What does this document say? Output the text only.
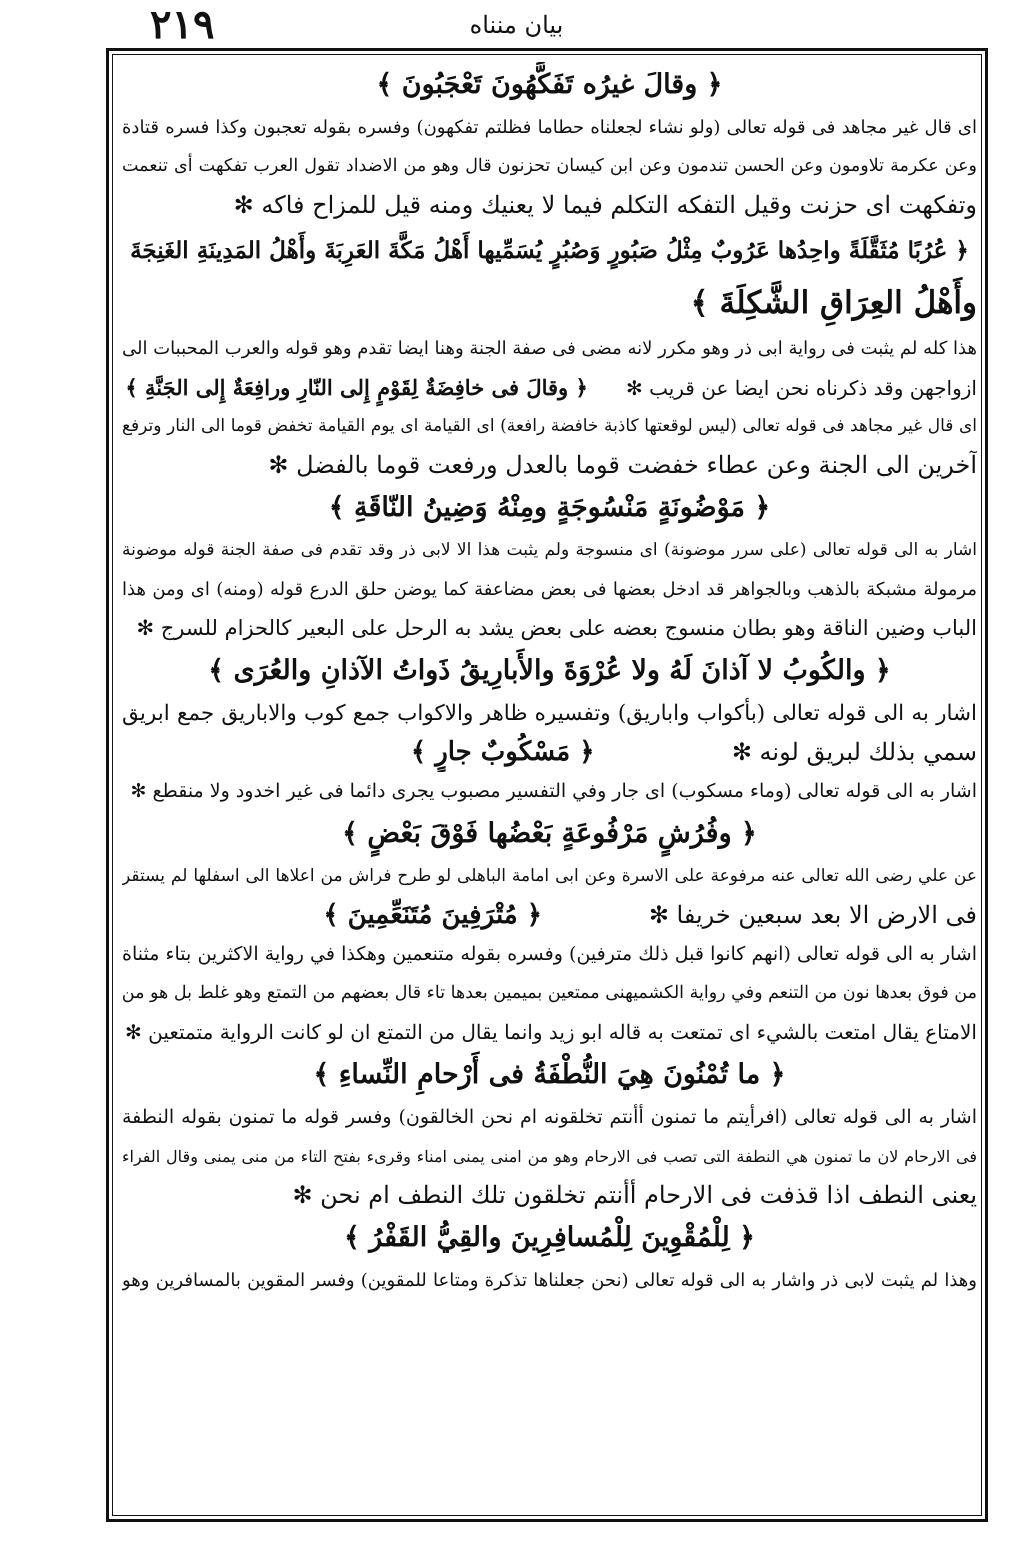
۲۱۹	بیان منناه
﴿ وقالَ غيرُه تَفَكَّهُونَ تَعْجَبُونَ ﴾
اى قال غیر مجاھد فی قوله تعالى (ولو نشاء لجعلناه حطاما فظلتم تفكهون) وفسره بقوله تعجبون وكذا فسره قتادة
وعن عكرمة تلاومون وعن الحسن تندمون وعن ابن كيسان تحزنون قال وهو من الاضداد تقول العرب تفكهت أى تنعمت
وتفكهت اى حزنت وقيل التفكه التكلم فيما لا يعنيك ومنه قيل للمزاح فاكه ✻
﴿ عُرُبًا مُثَقَّلَةً واحِدُها عَرُوبٌ مِثْلُ صَبُورٍ وَصُبُرٍ يُسَمِّيها أَهْلُ مَكَّةَ العَرِبَةَ وأَهْلُ المَدِينَةِ الغَنِجَةَ
وأَهْلُ العِرَاقِ الشَّكِلَةَ ﴾
هذا كله لم يثبت فى رواية ابى ذر وهو مكرر لانه مضى فى صفة الجنة وهنا ايضا تقدم وهو قوله والعرب المحببات الى
ازواجهن وقد ذكرناه نحن ايضا عن قريب ✻      ﴿ وقالَ فى خافِضَةٌ لِقَوْمٍ إِلى النّارِ ورافِعَةٌ إِلى الجَنَّةِ ﴾
اى قال غیر مجاھد فی قوله تعالى (ليس لوقعتها كاذبة خافضة رافعة) اى القيامة اى يوم القيامة تخفض قوما الى النار وترفع
آخرين الى الجنة وعن عطاء خفضت قوما بالعدل ورفعت قوما بالفضل ✻
﴿ مَوْضُونَةٍ مَنْسُوجَةٍ ومِنْهُ وَضِينُ النّاقَةِ ﴾
اشار به الى قوله تعالى (على سرر موضونة) اى منسوجة ولم يثبت هذا الا لابى ذر وقد تقدم فى صفة الجنة قوله موضونة
مرمولة مشبكة بالذهب وبالجواهر قد ادخل بعضها فى بعض مضاعفة كما يوضن حلق الدرع قوله (ومنه) اى ومن هذا
الباب وضين الناقة وهو بطان منسوج بعضه على بعض يشد به الرحل على البعير كالحزام للسرج ✻
﴿ والكُوبُ لا آذانَ لَهُ ولا عُرْوَةَ والأَبارِيقُ ذَواتُ الآذانِ والعُرَى ﴾
اشار به الى قوله تعالى (بأكواب واباريق) وتفسيره ظاهر والاكواب جمع كوب والاباريق جمع ابريق
سمي بذلك لبريق لونه ✻                  ﴿ مَسْكُوبٌ جارٍ ﴾
اشار به الى قوله تعالى (وماء مسكوب) اى جار وفي التفسير مصبوب يجرى دائما فى غير اخدود ولا منقطع ✻
﴿ وفُرُشٍ مَرْفُوعَةٍ بَعْضُها فَوْقَ بَعْضٍ ﴾
عن علي رضى الله تعالى عنه مرفوعة على الاسرة وعن ابى امامة الباهلى لو طرح فراش من اعلاها الى اسفلها لم يستقر
فى الارض الا بعد سبعين خريفا ✻              ﴿ مُتْرَفِينَ مُتَنَعِّمِينَ ﴾
اشار به الى قوله تعالى (انهم كانوا قبل ذلك مترفين) وفسره بقوله متنعمين وهكذا في رواية الاكثرين بتاء مثناة
من فوق بعدها نون من التنعم وفي رواية الكشميهنى ممتعين بميمين بعدها تاء قال بعضهم من التمتع وهو غلط بل هو من
الامتاع يقال امتعت بالشيء اى تمتعت به قاله ابو زيد وانما يقال من التمتع ان لو كانت الرواية متمتعين ✻
﴿ ما تُمْنُونَ هِيَ النُّطْفَةُ فى أَرْحامِ النِّساءِ ﴾
اشار به الى قوله تعالى (افرأيتم ما تمنون أأنتم تخلقونه ام نحن الخالقون) وفسر قوله ما تمنون بقوله النطفة
فى الارحام لان ما تمنون هي النطفة التى تصب فى الارحام وهو من امنى يمنى امناء وقرىء بفتح التاء من منى يمنى وقال الفراء
يعنى النطف اذا قذفت فى الارحام أأنتم تخلقون تلك النطف ام نحن ✻
﴿ لِلْمُقْوِينَ لِلْمُسافِرِينَ والقِيُّ القَفْرُ ﴾
وهذا لم يثبت لابى ذر واشار به الى قوله تعالى (نحن جعلناها تذكرة ومتاعا للمقوين) وفسر المقوين بالمسافرين وهو
